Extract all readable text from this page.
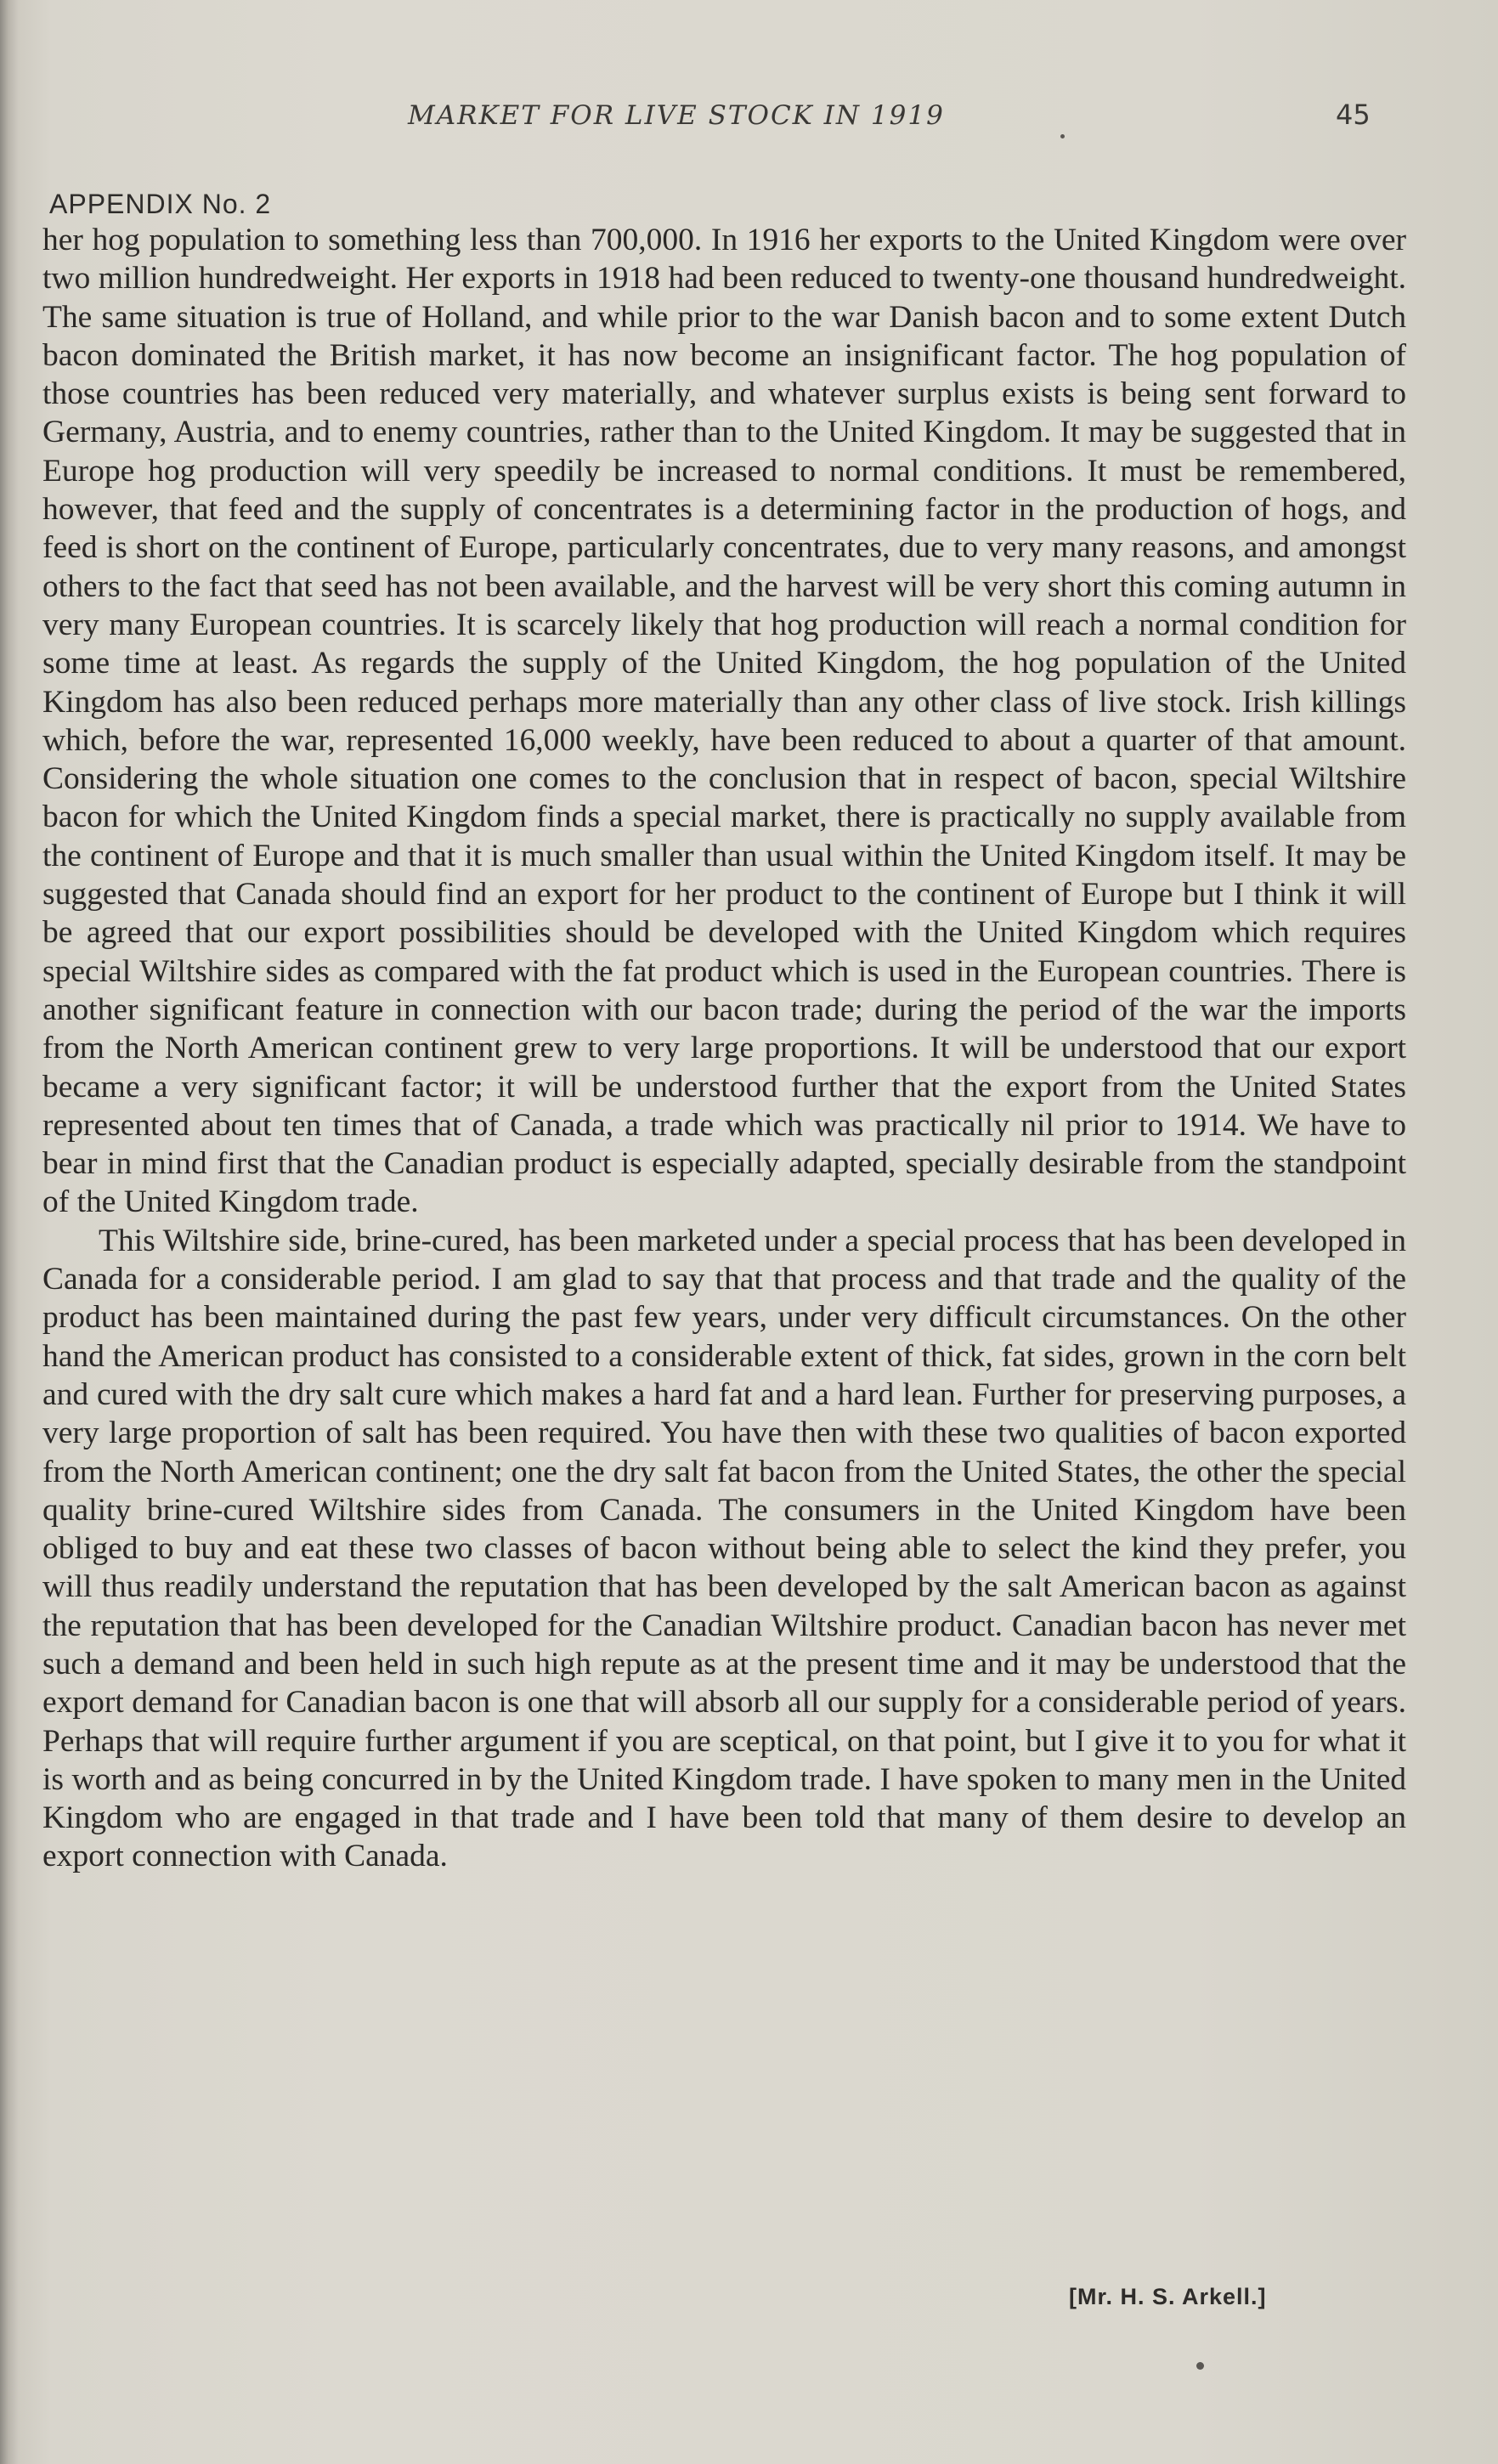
MARKET FOR LIVE STOCK IN 1919	45
APPENDIX No. 2

her hog population to something less than 700,000. In 1916 her exports to the United Kingdom were over two million hundredweight. Her exports in 1918 had been reduced to twenty-one thousand hundredweight. The same situation is true of Holland, and while prior to the war Danish bacon and to some extent Dutch bacon dominated the British market, it has now become an insignificant factor. The hog population of those countries has been reduced very materially, and whatever surplus exists is being sent forward to Germany, Austria, and to enemy countries, rather than to the United Kingdom. It may be suggested that in Europe hog production will very speedily be increased to normal conditions. It must be remembered, however, that feed and the supply of concentrates is a determining factor in the production of hogs, and feed is short on the continent of Europe, particularly concentrates, due to very many reasons, and amongst others to the fact that seed has not been available, and the harvest will be very short this coming autumn in very many European countries. It is scarcely likely that hog production will reach a normal condition for some time at least. As regards the supply of the United Kingdom, the hog population of the United Kingdom has also been reduced perhaps more materially than any other class of live stock. Irish killings which, before the war, represented 16,000 weekly, have been reduced to about a quarter of that amount. Considering the whole situation one comes to the conclusion that in respect of bacon, special Wiltshire bacon for which the United Kingdom finds a special market, there is practically no supply available from the continent of Europe and that it is much smaller than usual within the United Kingdom itself. It may be suggested that Canada should find an export for her product to the continent of Europe but I think it will be agreed that our export possibilities should be developed with the United Kingdom which requires special Wiltshire sides as compared with the fat product which is used in the European countries. There is another significant feature in connection with our bacon trade; during the period of the war the imports from the North American continent grew to very large proportions. It will be understood that our export became a very significant factor; it will be understood further that the export from the United States represented about ten times that of Canada, a trade which was practically nil prior to 1914. We have to bear in mind first that the Canadian product is especially adapted, specially desirable from the standpoint of the United Kingdom trade.

This Wiltshire side, brine-cured, has been marketed under a special process that has been developed in Canada for a considerable period. I am glad to say that that process and that trade and the quality of the product has been maintained during the past few years, under very difficult circumstances. On the other hand the American product has consisted to a considerable extent of thick, fat sides, grown in the corn belt and cured with the dry salt cure which makes a hard fat and a hard lean. Further for preserving purposes, a very large proportion of salt has been required. You have then with these two qualities of bacon exported from the North American continent; one the dry salt fat bacon from the United States, the other the special quality brine-cured Wiltshire sides from Canada. The consumers in the United Kingdom have been obliged to buy and eat these two classes of bacon without being able to select the kind they prefer, you will thus readily understand the reputation that has been developed by the salt American bacon as against the reputation that has been developed for the Canadian Wiltshire product. Canadian bacon has never met such a demand and been held in such high repute as at the present time and it may be understood that the export demand for Canadian bacon is one that will absorb all our supply for a considerable period of years. Perhaps that will require further argument if you are sceptical, on that point, but I give it to you for what it is worth and as being concurred in by the United Kingdom trade. I have spoken to many men in the United Kingdom who are engaged in that trade and I have been told that many of them desire to develop an export connection with Canada.

[Mr. H. S. Arkell.]
